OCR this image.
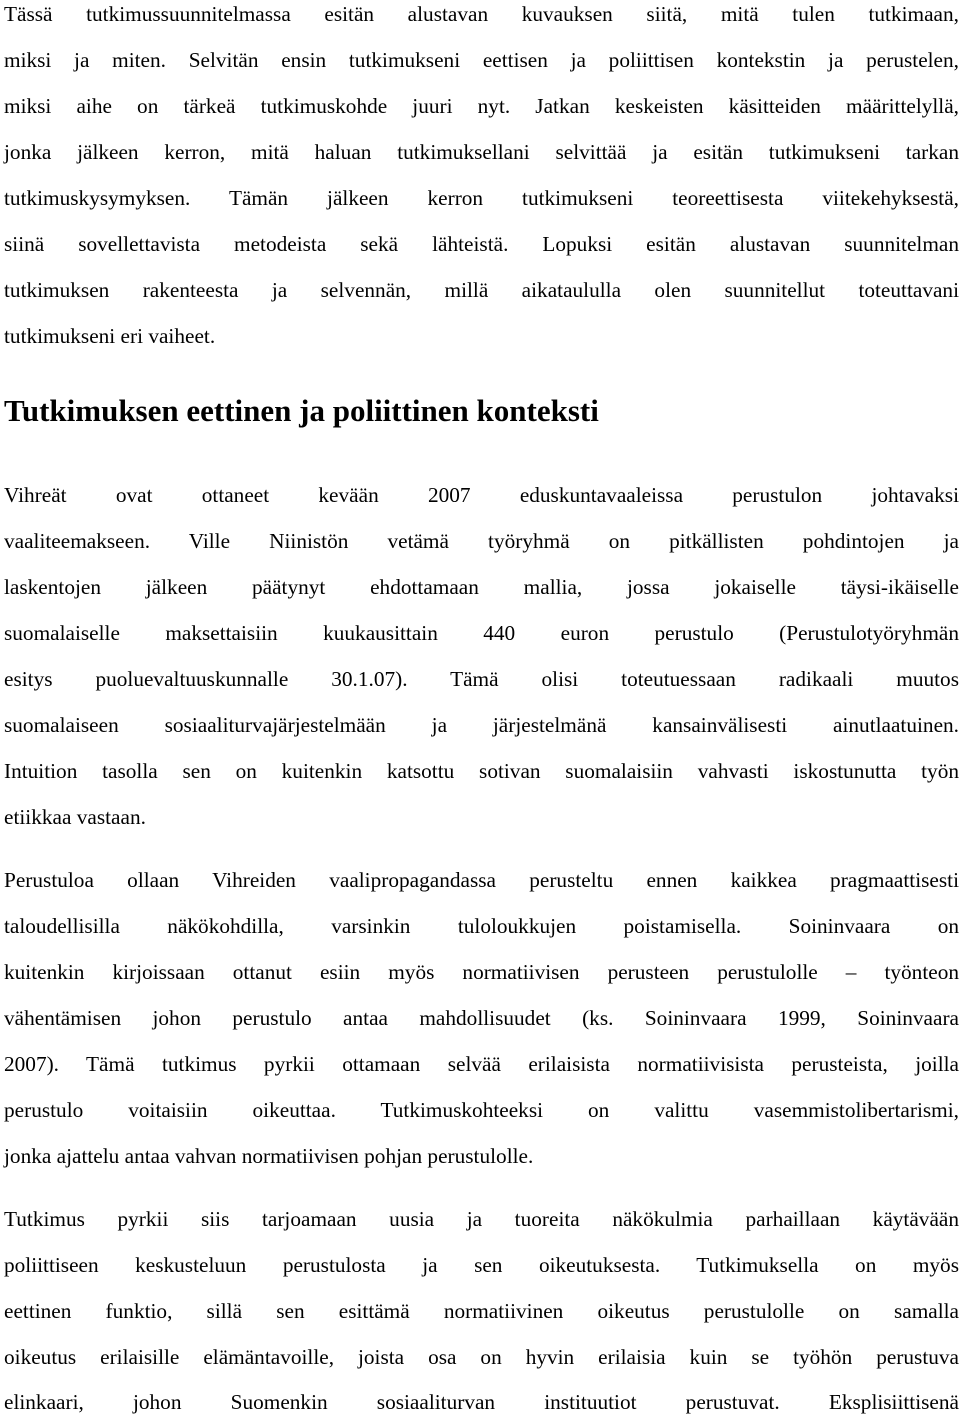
Tässä tutkimussuunnitelmassa esitän alustavan kuvauksen siitä, mitä tulen tutkimaan,
miksi ja miten. Selvitän ensin tutkimukseni eettisen ja poliittisen kontekstin ja perustelen,
miksi aihe on tärkeä tutkimuskohde juuri nyt. Jatkan keskeisten käsitteiden määrittelyllä,
jonka jälkeen kerron, mitä haluan tutkimuksellani selvittää ja esitän tutkimukseni tarkan
tutkimuskysymyksen. Tämän jälkeen kerron tutkimukseni teoreettisesta viitekehyksestä,
siinä sovellettavista metodeista sekä lähteistä. Lopuksi esitän alustavan suunnitelman
tutkimuksen rakenteesta ja selvennän, millä aikataululla olen suunnitellut toteuttavani
tutkimukseni eri vaiheet.
Tutkimuksen eettinen ja poliittinen konteksti
Vihreät ovat ottaneet kevään 2007 eduskuntavaaleissa perustulon johtavaksi
vaaliteemakseen. Ville Niinistön vetämä työryhmä on pitkällisten pohdintojen ja
laskentojen jälkeen päätynyt ehdottamaan mallia, jossa jokaiselle täysi-ikäiselle
suomalaiselle maksettaisiin kuukausittain 440 euron perustulo (Perustulotyöryhmän
esitys puoluevaltuuskunnalle 30.1.07). Tämä olisi toteutuessaan radikaali muutos
suomalaiseen sosiaaliturvajärjestelmään ja järjestelmänä kansainvälisesti ainutlaatuinen.
Intuition tasolla sen on kuitenkin katsottu sotivan suomalaisiin vahvasti iskostunutta työn
etiikkaa vastaan.
Perustuloa ollaan Vihreiden vaalipropagandassa perusteltu ennen kaikkea pragmaattisesti
taloudellisilla näkökohdilla, varsinkin tuloloukkujen poistamisella. Soininvaara on
kuitenkin kirjoissaan ottanut esiin myös normatiivisen perusteen perustulolle – työnteon
vähentämisen johon perustulo antaa mahdollisuudet (ks. Soininvaara 1999, Soininvaara
2007). Tämä tutkimus pyrkii ottamaan selvää erilaisista normatiivisista perusteista, joilla
perustulo voitaisiin oikeuttaa. Tutkimuskohteeksi on valittu vasemmistolibertarismi,
jonka ajattelu antaa vahvan normatiivisen pohjan perustulolle.
Tutkimus pyrkii siis tarjoamaan uusia ja tuoreita näkökulmia parhaillaan käytävään
poliittiseen keskusteluun perustulosta ja sen oikeutuksesta. Tutkimuksella on myös
eettinen funktio, sillä sen esittämä normatiivinen oikeutus perustulolle on samalla
oikeutus erilaisille elämäntavoille, joista osa on hyvin erilaisia kuin se työhön perustuva
elinkaari, johon Suomenkin sosiaaliturvan instituutiot perustuvat. Eksplisiittisenä
